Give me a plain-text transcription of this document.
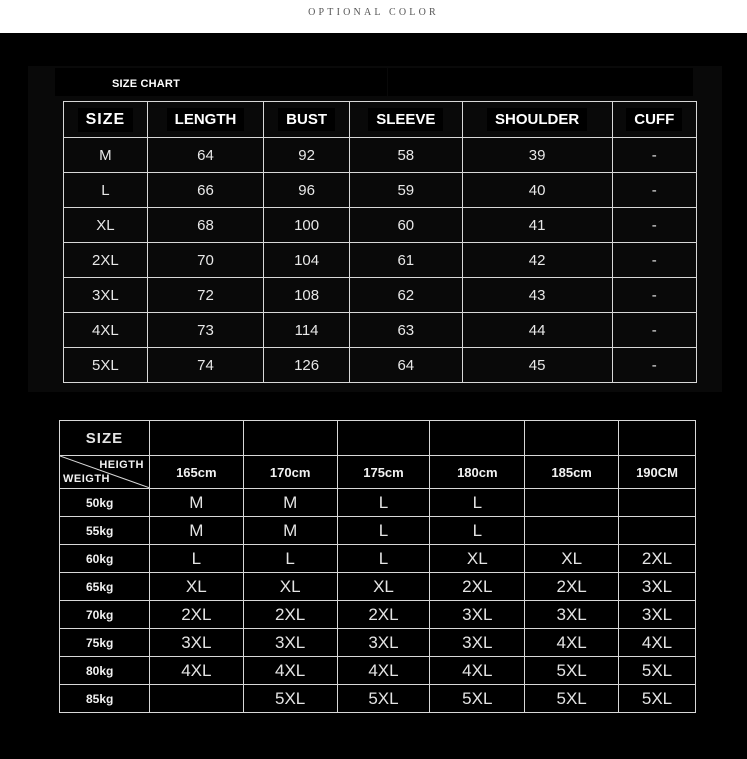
OPTIONAL COLOR
SIZE CHART
SIZE	LENGTH	BUST	SLEEVE	SHOULDER	CUFF
M	64	92	58	39	-
L	66	96	59	40	-
XL	68	100	60	41	-
2XL	70	104	61	42	-
3XL	72	108	62	43	-
4XL	73	114	63	44	-
5XL	74	126	64	45	-
SIZE						

HEIGTH
WEIGTH	165cm	170cm	175cm	180cm	185cm	190CM
50kg	M	M	L	L		
55kg	M	M	L	L		
60kg	L	L	L	XL	XL	2XL
65kg	XL	XL	XL	2XL	2XL	3XL
70kg	2XL	2XL	2XL	3XL	3XL	3XL
75kg	3XL	3XL	3XL	3XL	4XL	4XL
80kg	4XL	4XL	4XL	4XL	5XL	5XL
85kg		5XL	5XL	5XL	5XL	5XL
